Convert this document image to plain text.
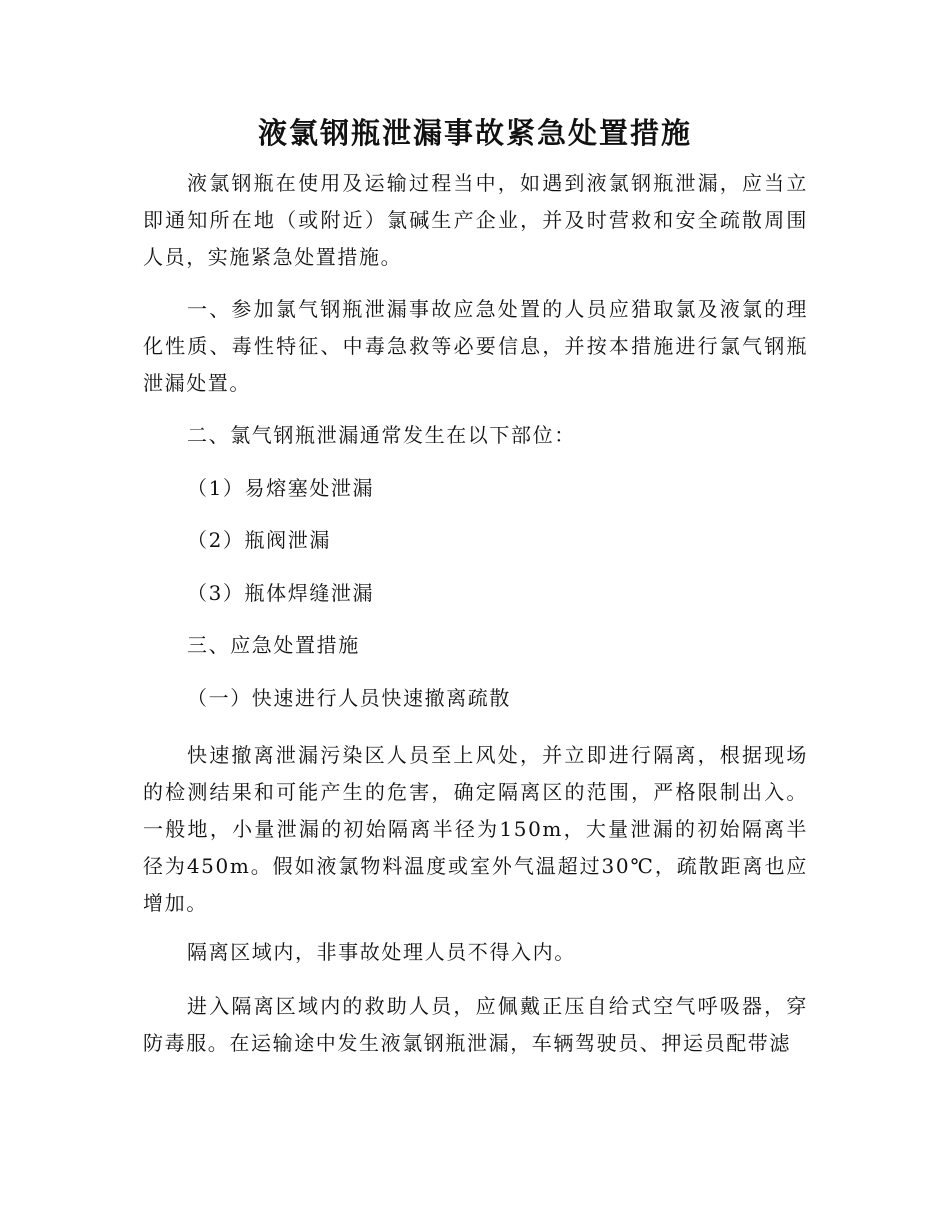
液氯钢瓶泄漏事故紧急处置措施

液氯钢瓶在使用及运输过程当中，如遇到液氯钢瓶泄漏，应当立即通知所在地（或附近）氯碱生产企业，并及时营救和安全疏散周围人员，实施紧急处置措施。

一、参加氯气钢瓶泄漏事故应急处置的人员应猎取氯及液氯的理化性质、毒性特征、中毒急救等必要信息，并按本措施进行氯气钢瓶泄漏处置。

二、氯气钢瓶泄漏通常发生在以下部位：

（1）易熔塞处泄漏

（2）瓶阀泄漏

（3）瓶体焊缝泄漏

三、应急处置措施

（一）快速进行人员快速撤离疏散

快速撤离泄漏污染区人员至上风处，并立即进行隔离，根据现场的检测结果和可能产生的危害，确定隔离区的范围，严格限制出入。一般地，小量泄漏的初始隔离半径为150m，大量泄漏的初始隔离半径为450m。假如液氯物料温度或室外气温超过30℃，疏散距离也应增加。

隔离区域内，非事故处理人员不得入内。

进入隔离区域内的救助人员，应佩戴正压自给式空气呼吸器，穿防毒服。在运输途中发生液氯钢瓶泄漏，车辆驾驶员、押运员配带滤
